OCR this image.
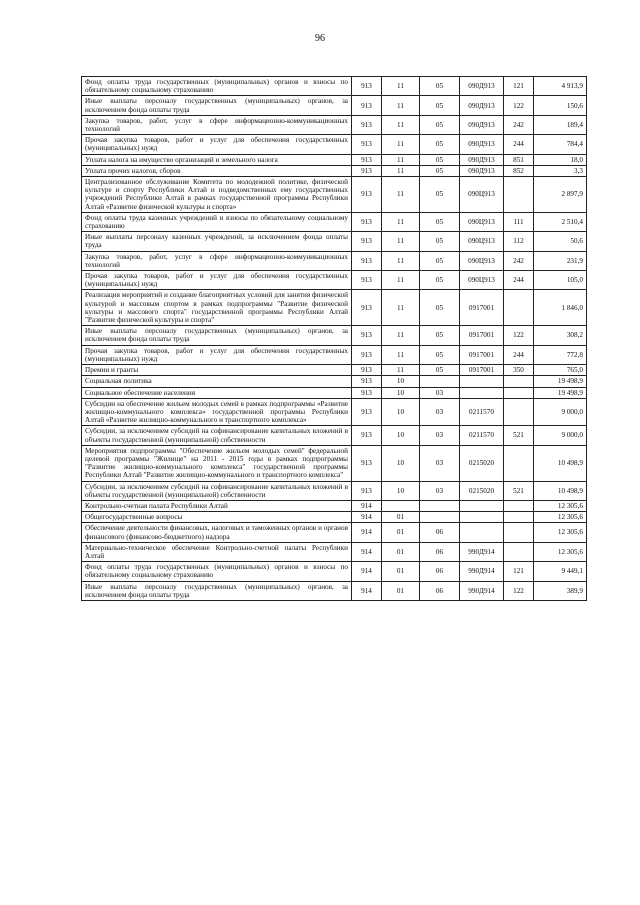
96
Фонд оплаты труда государственных (муниципальных) органов и взносы по обязательному социальному страхованию	913	11	05	090Д913	121	4 913,9
Иные выплаты персоналу государственных (муниципальных) органов, за исключением фонда оплаты труда	913	11	05	090Д913	122	150,6
Закупка товаров, работ, услуг в сфере информационно-коммуникационных технологий	913	11	05	090Д913	242	189,4
Прочая закупка товаров, работ и услуг для обеспечения государственных (муниципальных) нужд	913	11	05	090Д913	244	784,4
Уплата налога на имущество организаций и земельного налога	913	11	05	090Д913	851	18,0
Уплата прочих налогов, сборов	913	11	05	090Д913	852	3,3
Централизованное обслуживание Комитета по молодежной политике, физической культуре и спорту Республики Алтай и подведомственных ему государственных учреждений Республики Алтай в рамках государственной программы Республики Алтай «Развитие физической культуры и спорта»	913	11	05	090Ц913		2 897,9
Фонд оплаты труда казенных учреждений и взносы по обязательному социальному страхованию	913	11	05	090Ц913	111	2 510,4
Иные выплаты персоналу казенных учреждений, за исключением фонда оплаты труда	913	11	05	090Ц913	112	50,6
Закупка товаров, работ, услуг в сфере информационно-коммуникационных технологий	913	11	05	090Ц913	242	231,9
Прочая закупка товаров, работ и услуг для обеспечения государственных (муниципальных) нужд	913	11	05	090Ц913	244	105,0
Реализация мероприятий и создание благоприятных условий для занятия физической культурой и массовым спортом в рамках подпрограммы "Развитие физической культуры и массового спорта" государственной программы Республики Алтай "Развитие физической культуры и спорта"	913	11	05	0917001		1 846,0
Иные выплаты персоналу государственных (муниципальных) органов, за исключением фонда оплаты труда	913	11	05	0917001	122	308,2
Прочая закупка товаров, работ и услуг для обеспечения государственных (муниципальных) нужд	913	11	05	0917001	244	772,8
Премии и гранты	913	11	05	0917001	350	765,0
Социальная политика	913	10				19 498,9
Социальное обеспечение населения	913	10	03			19 498,9
Субсидии на обеспечение жильем молодых семей в рамках подпрограммы «Развитие жилищно-коммунального комплекса» государственной программы Республики Алтай «Развитие жилищно-коммунального и транспортного комплекса»	913	10	03	0211570		9 000,0
Субсидии, за исключением субсидий на софинансирование капитальных вложений в объекты государственной (муниципальной) собственности	913	10	03	0211570	521	9 000,0
Мероприятия подпрограммы "Обеспечение жильем молодых семей" федеральной целевой программы "Жилище" на 2011 - 2015 годы в рамках подпрограммы "Развитие жилищно-коммунального комплекса" государственной программы Республики Алтай "Развитие жилищно-коммунального и транспортного комплекса"	913	10	03	0215020		10 498,9
Субсидии, за исключением субсидий на софинансирование капитальных вложений в объекты государственной (муниципальной) собственности	913	10	03	0215020	521	10 498,9
Контрольно-счетная палата Республики Алтай	914					12 305,6
Общегосударственные вопросы	914	01				12 305,6
Обеспечение деятельности финансовых, налоговых и таможенных органов и органов финансового (финансово-бюджетного) надзора	914	01	06			12 305,6
Материально-техническое обеспечение Контрольно-счетной палаты Республики Алтай	914	01	06	990Д914		12 305,6
Фонд оплаты труда государственных (муниципальных) органов и взносы по обязательному социальному страхованию	914	01	06	990Д914	121	9 449,1
Иные выплаты персоналу государственных (муниципальных) органов, за исключением фонда оплаты труда	914	01	06	990Д914	122	389,9
